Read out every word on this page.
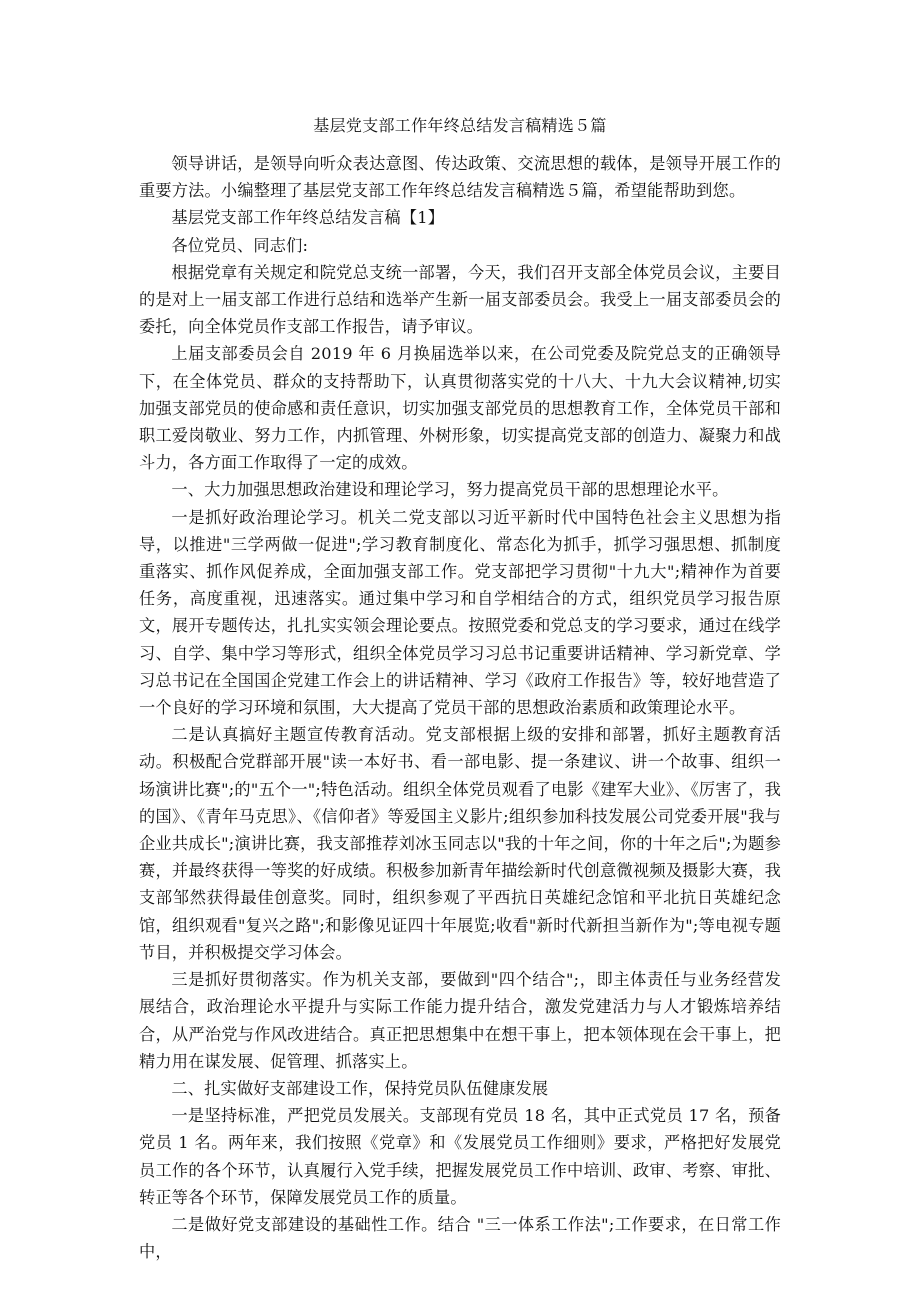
基层党支部工作年终总结发言稿精选５篇

领导讲话，是领导向听众表达意图、传达政策、交流思想的载体，是领导开展工作的重要方法。小编整理了基层党支部工作年终总结发言稿精选５篇，希望能帮助到您。

基层党支部工作年终总结发言稿【1】

各位党员、同志们:

根据党章有关规定和院党总支统一部署，今天，我们召开支部全体党员会议，主要目的是对上一届支部工作进行总结和选举产生新一届支部委员会。我受上一届支部委员会的委托，向全体党员作支部工作报告，请予审议。

上届支部委员会自 2019 年 6 月换届选举以来，在公司党委及院党总支的正确领导下，在全体党员、群众的支持帮助下，认真贯彻落实党的十八大、十九大会议精神,切实加强支部党员的使命感和责任意识，切实加强支部党员的思想教育工作，全体党员干部和职工爱岗敬业、努力工作，内抓管理、外树形象，切实提高党支部的创造力、凝聚力和战斗力，各方面工作取得了一定的成效。

一、大力加强思想政治建设和理论学习，努力提高党员干部的思想理论水平。

一是抓好政治理论学习。机关二党支部以习近平新时代中国特色社会主义思想为指导，以推进"三学两做一促进";学习教育制度化、常态化为抓手，抓学习强思想、抓制度重落实、抓作风促养成，全面加强支部工作。党支部把学习贯彻"十九大";精神作为首要任务，高度重视，迅速落实。通过集中学习和自学相结合的方式，组织党员学习报告原文，展开专题传达，扎扎实实领会理论要点。按照党委和党总支的学习要求，通过在线学习、自学、集中学习等形式，组织全体党员学习习总书记重要讲话精神、学习新党章、学习总书记在全国国企党建工作会上的讲话精神、学习《政府工作报告》等，较好地营造了一个良好的学习环境和氛围，大大提高了党员干部的思想政治素质和政策理论水平。

二是认真搞好主题宣传教育活动。党支部根据上级的安排和部署，抓好主题教育活动。积极配合党群部开展"读一本好书、看一部电影、提一条建议、讲一个故事、组织一场演讲比赛";的"五个一";特色活动。组织全体党员观看了电影《建军大业》、《厉害了，我的国》、《青年马克思》、《信仰者》等爱国主义影片;组织参加科技发展公司党委开展"我与企业共成长";演讲比赛，我支部推荐刘冰玉同志以"我的十年之间，你的十年之后";为题参赛，并最终获得一等奖的好成绩。积极参加新青年描绘新时代创意微视频及摄影大赛，我支部邹然获得最佳创意奖。同时，组织参观了平西抗日英雄纪念馆和平北抗日英雄纪念馆，组织观看"复兴之路";和影像见证四十年展览;收看"新时代新担当新作为";等电视专题节目，并积极提交学习体会。

三是抓好贯彻落实。作为机关支部，要做到"四个结合";，即主体责任与业务经营发展结合，政治理论水平提升与实际工作能力提升结合，激发党建活力与人才锻炼培养结合，从严治党与作风改进结合。真正把思想集中在想干事上，把本领体现在会干事上，把精力用在谋发展、促管理、抓落实上。

二、扎实做好支部建设工作，保持党员队伍健康发展

一是坚持标准，严把党员发展关。支部现有党员 18 名，其中正式党员 17 名，预备党员 1 名。两年来，我们按照《党章》和《发展党员工作细则》要求，严格把好发展党员工作的各个环节，认真履行入党手续，把握发展党员工作中培训、政审、考察、审批、转正等各个环节，保障发展党员工作的质量。

二是做好党支部建设的基础性工作。结合 "三一体系工作法";工作要求，在日常工作中，
